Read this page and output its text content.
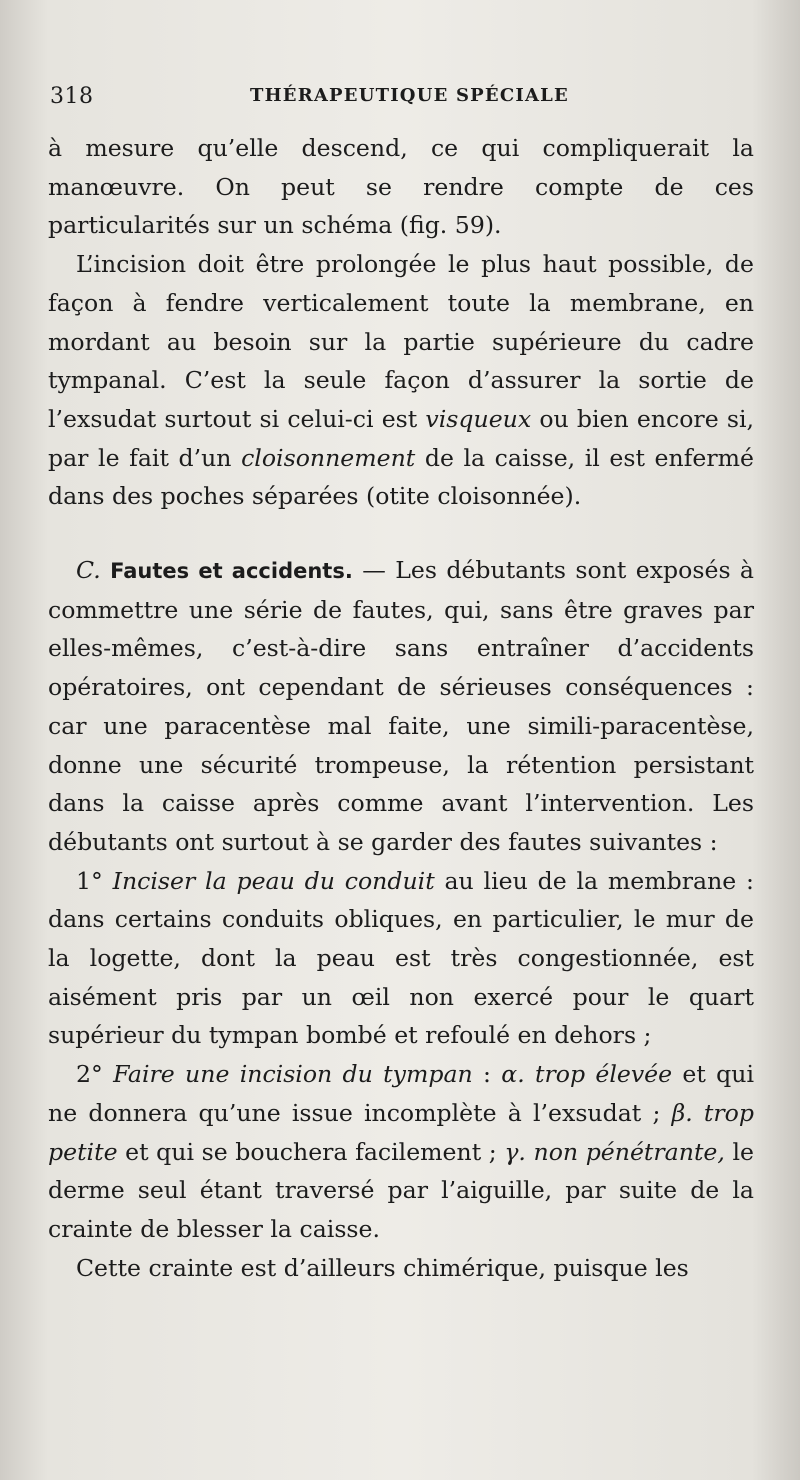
318	THÉRAPEUTIQUE SPÉCIALE

à mesure qu’elle descend, ce qui compliquerait la manœuvre. On peut se rendre compte de ces particularités sur un schéma (fig. 59).

L’incision doit être prolongée le plus haut possible, de façon à fendre verticalement toute la membrane, en mordant au besoin sur la partie supérieure du cadre tympanal. C’est la seule façon d’assurer la sortie de l’exsudat surtout si celui-ci est visqueux ou bien encore si, par le fait d’un cloisonnement de la caisse, il est enfermé dans des poches séparées (otite cloisonnée).

C. Fautes et accidents. — Les débutants sont exposés à commettre une série de fautes, qui, sans être graves par elles-mêmes, c’est-à-dire sans entraîner d’accidents opératoires, ont cependant de sérieuses conséquences : car une paracentèse mal faite, une simili-paracentèse, donne une sécurité trompeuse, la rétention persistant dans la caisse après comme avant l’intervention. Les débutants ont surtout à se garder des fautes suivantes :

1° Inciser la peau du conduit au lieu de la membrane : dans certains conduits obliques, en particulier, le mur de la logette, dont la peau est très congestionnée, est aisément pris par un œil non exercé pour le quart supérieur du tympan bombé et refoulé en dehors ;

2° Faire une incision du tympan : α. trop élevée et qui ne donnera qu’une issue incomplète à l’exsudat ; β. trop petite et qui se bouchera facilement ; γ. non pénétrante, le derme seul étant traversé par l’aiguille, par suite de la crainte de blesser la caisse.

Cette crainte est d’ailleurs chimérique, puisque les
